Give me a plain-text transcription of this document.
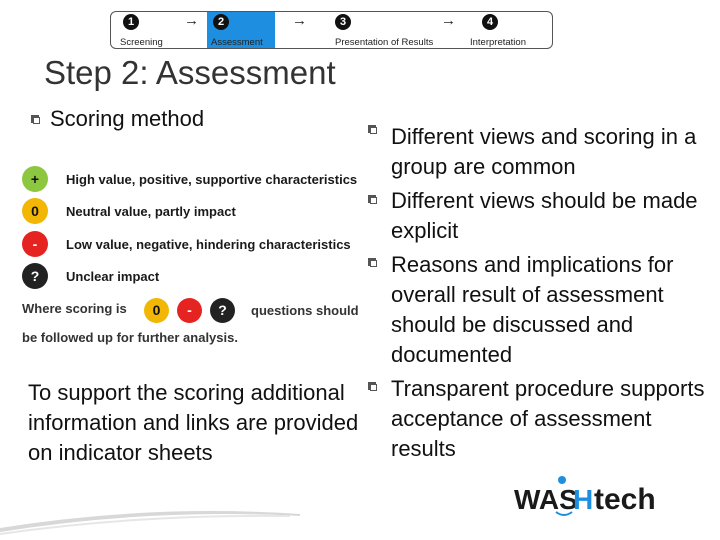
1
Screening
→	2
Assessment
→	3
Presentation of Results
→	4
Interpretation
Step 2: Assessment
Scoring method
+	High value, positive, supportive characteristics
0	Neutral value, partly impact
-	Low value, negative, hindering characteristics
?	Unclear impact
Where scoring is	0	-	?	questions should
be followed up for further analysis.
To support the scoring additional information and links are provided on indicator sheets
Different views and scoring in a group are common
Different views should be made explicit
Reasons and implications for overall result of assessment should be discussed and documented
Transparent procedure supports acceptance of assessment results
WAS
H tech
